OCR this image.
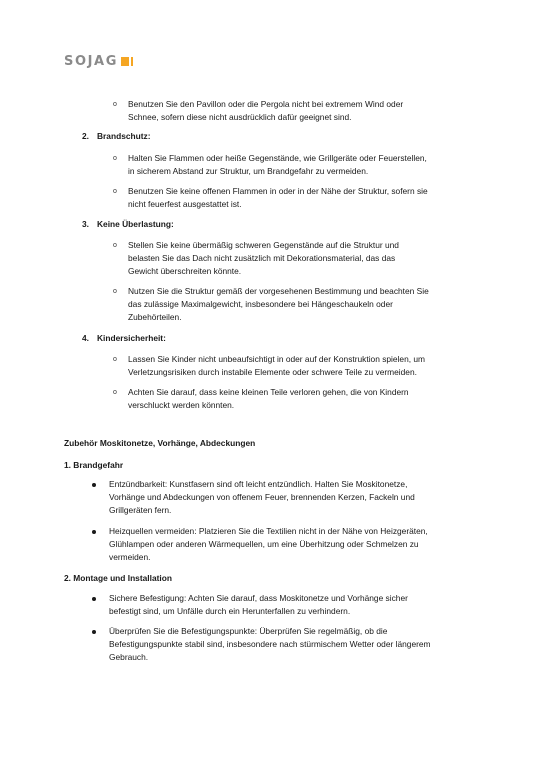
SOJAG
o Benutzen Sie den Pavillon oder die Pergola nicht bei extremem Wind oder
Schnee, sofern diese nicht ausdrücklich dafür geeignet sind.
2. Brandschutz:
o Halten Sie Flammen oder heiße Gegenstände, wie Grillgeräte oder Feuerstellen,
in sicherem Abstand zur Struktur, um Brandgefahr zu vermeiden.
o Benutzen Sie keine offenen Flammen in oder in der Nähe der Struktur, sofern sie
nicht feuerfest ausgestattet ist.
3. Keine Überlastung:
o Stellen Sie keine übermäßig schweren Gegenstände auf die Struktur und
belasten Sie das Dach nicht zusätzlich mit Dekorationsmaterial, das das
Gewicht überschreiten könnte.
o Nutzen Sie die Struktur gemäß der vorgesehenen Bestimmung und beachten Sie
das zulässige Maximalgewicht, insbesondere bei Hängeschaukeln oder
Zubehörteilen.
4. Kindersicherheit:
o Lassen Sie Kinder nicht unbeaufsichtigt in oder auf der Konstruktion spielen, um
Verletzungsrisiken durch instabile Elemente oder schwere Teile zu vermeiden.
o Achten Sie darauf, dass keine kleinen Teile verloren gehen, die von Kindern
verschluckt werden könnten.
Zubehör Moskitonetze, Vorhänge, Abdeckungen
1. Brandgefahr
Entzündbarkeit: Kunstfasern sind oft leicht entzündlich. Halten Sie Moskitonetze,
Vorhänge und Abdeckungen von offenem Feuer, brennenden Kerzen, Fackeln und
Grillgeräten fern.
Heizquellen vermeiden: Platzieren Sie die Textilien nicht in der Nähe von Heizgeräten,
Glühlampen oder anderen Wärmequellen, um eine Überhitzung oder Schmelzen zu
vermeiden.
2. Montage und Installation
Sichere Befestigung: Achten Sie darauf, dass Moskitonetze und Vorhänge sicher
befestigt sind, um Unfälle durch ein Herunterfallen zu verhindern.
Überprüfen Sie die Befestigungspunkte: Überprüfen Sie regelmäßig, ob die
Befestigungspunkte stabil sind, insbesondere nach stürmischem Wetter oder längerem
Gebrauch.
